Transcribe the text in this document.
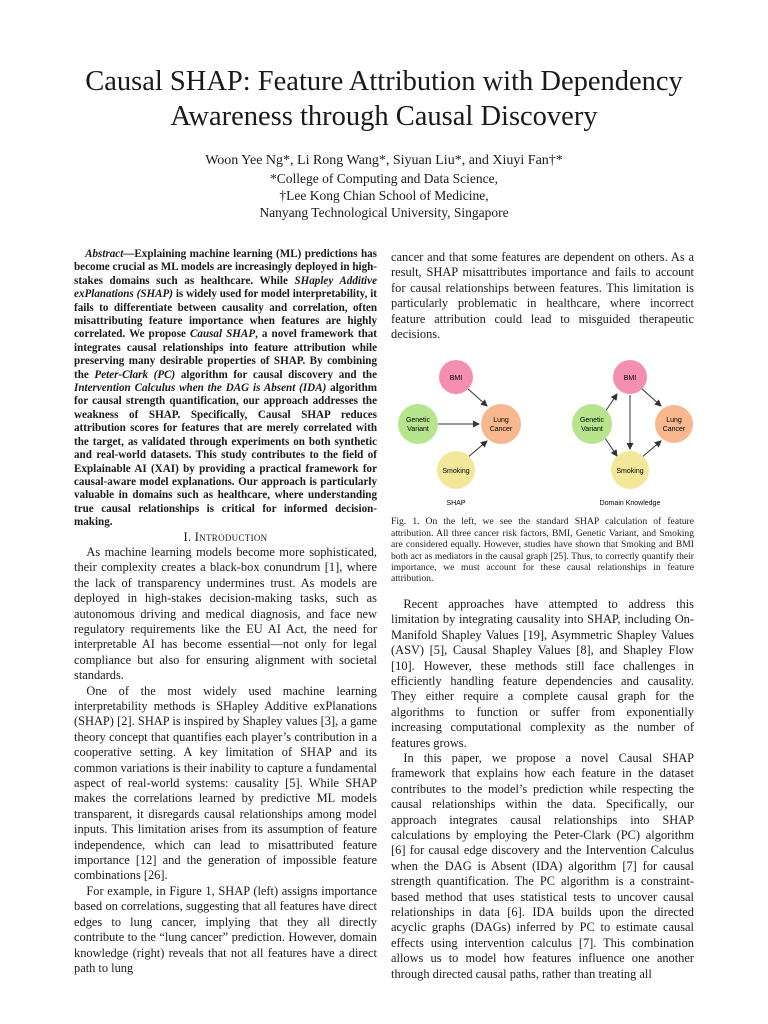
Causal SHAP: Feature Attribution with Dependency Awareness through Causal Discovery
Woon Yee Ng*, Li Rong Wang*, Siyuan Liu*, and Xiuyi Fan†*
*College of Computing and Data Science,
†Lee Kong Chian School of Medicine,
Nanyang Technological University, Singapore

Abstract—Explaining machine learning (ML) predictions has become crucial as ML models are increasingly deployed in high-stakes domains such as healthcare. While SHapley Additive exPlanations (SHAP) is widely used for model interpretability, it fails to differentiate between causality and correlation, often misattributing feature importance when features are highly correlated. We propose Causal SHAP, a novel framework that integrates causal relationships into feature attribution while preserving many desirable properties of SHAP. By combining the Peter-Clark (PC) algorithm for causal discovery and the Intervention Calculus when the DAG is Absent (IDA) algorithm for causal strength quantification, our approach addresses the weakness of SHAP. Specifically, Causal SHAP reduces attribution scores for features that are merely correlated with the target, as validated through experiments on both synthetic and real-world datasets. This study contributes to the field of Explainable AI (XAI) by providing a practical framework for causal-aware model explanations. Our approach is particularly valuable in domains such as healthcare, where understanding true causal relationships is critical for informed decision-making.

I. Introduction

As machine learning models become more sophisticated, their complexity creates a black-box conundrum [1], where the lack of transparency undermines trust. As models are deployed in high-stakes decision-making tasks, such as autonomous driving and medical diagnosis, and face new regulatory requirements like the EU AI Act, the need for interpretable AI has become essential—not only for legal compliance but also for ensuring alignment with societal standards.

One of the most widely used machine learning interpretability methods is SHapley Additive exPlanations (SHAP) [2]. SHAP is inspired by Shapley values [3], a game theory concept that quantifies each player’s contribution in a cooperative setting. A key limitation of SHAP and its common variations is their inability to capture a fundamental aspect of real-world systems: causality [5]. While SHAP makes the correlations learned by predictive ML models transparent, it disregards causal relationships among model inputs. This limitation arises from its assumption of feature independence, which can lead to misattributed feature importance [12] and the generation of impossible feature combinations [26].

For example, in Figure 1, SHAP (left) assigns importance based on correlations, suggesting that all features have direct edges to lung cancer, implying that they all directly contribute to the “lung cancer” prediction. However, domain knowledge (right) reveals that not all features have a direct path to lung

cancer and that some features are dependent on others. As a result, SHAP misattributes importance and fails to account for causal relationships between features. This limitation is particularly problematic in healthcare, where incorrect feature attribution could lead to misguided therapeutic decisions.

BMI
Genetic
Variant
Lung
Cancer
Smoking
SHAP
BMI
Genetic
Variant
Lung
Cancer
Smoking
Domain Knowledge

Fig. 1. On the left, we see the standard SHAP calculation of feature attribution. All three cancer risk factors, BMI, Genetic Variant, and Smoking are considered equally. However, studies have shown that Smoking and BMI both act as mediators in the causal graph [25]. Thus, to correctly quantify their importance, we must account for these causal relationships in feature attribution.

Recent approaches have attempted to address this limitation by integrating causality into SHAP, including On-Manifold Shapley Values [19], Asymmetric Shapley Values (ASV) [5], Causal Shapley Values [8], and Shapley Flow [10]. However, these methods still face challenges in efficiently handling feature dependencies and causality. They either require a complete causal graph for the algorithms to function or suffer from exponentially increasing computational complexity as the number of features grows.

In this paper, we propose a novel Causal SHAP framework that explains how each feature in the dataset contributes to the model’s prediction while respecting the causal relationships within the data. Specifically, our approach integrates causal relationships into SHAP calculations by employing the Peter-Clark (PC) algorithm [6] for causal edge discovery and the Intervention Calculus when the DAG is Absent (IDA) algorithm [7] for causal strength quantification. The PC algorithm is a constraint-based method that uses statistical tests to uncover causal relationships in data [6]. IDA builds upon the directed acyclic graphs (DAGs) inferred by PC to estimate causal effects using intervention calculus [7]. This combination allows us to model how features influence one another through directed causal paths, rather than treating all
